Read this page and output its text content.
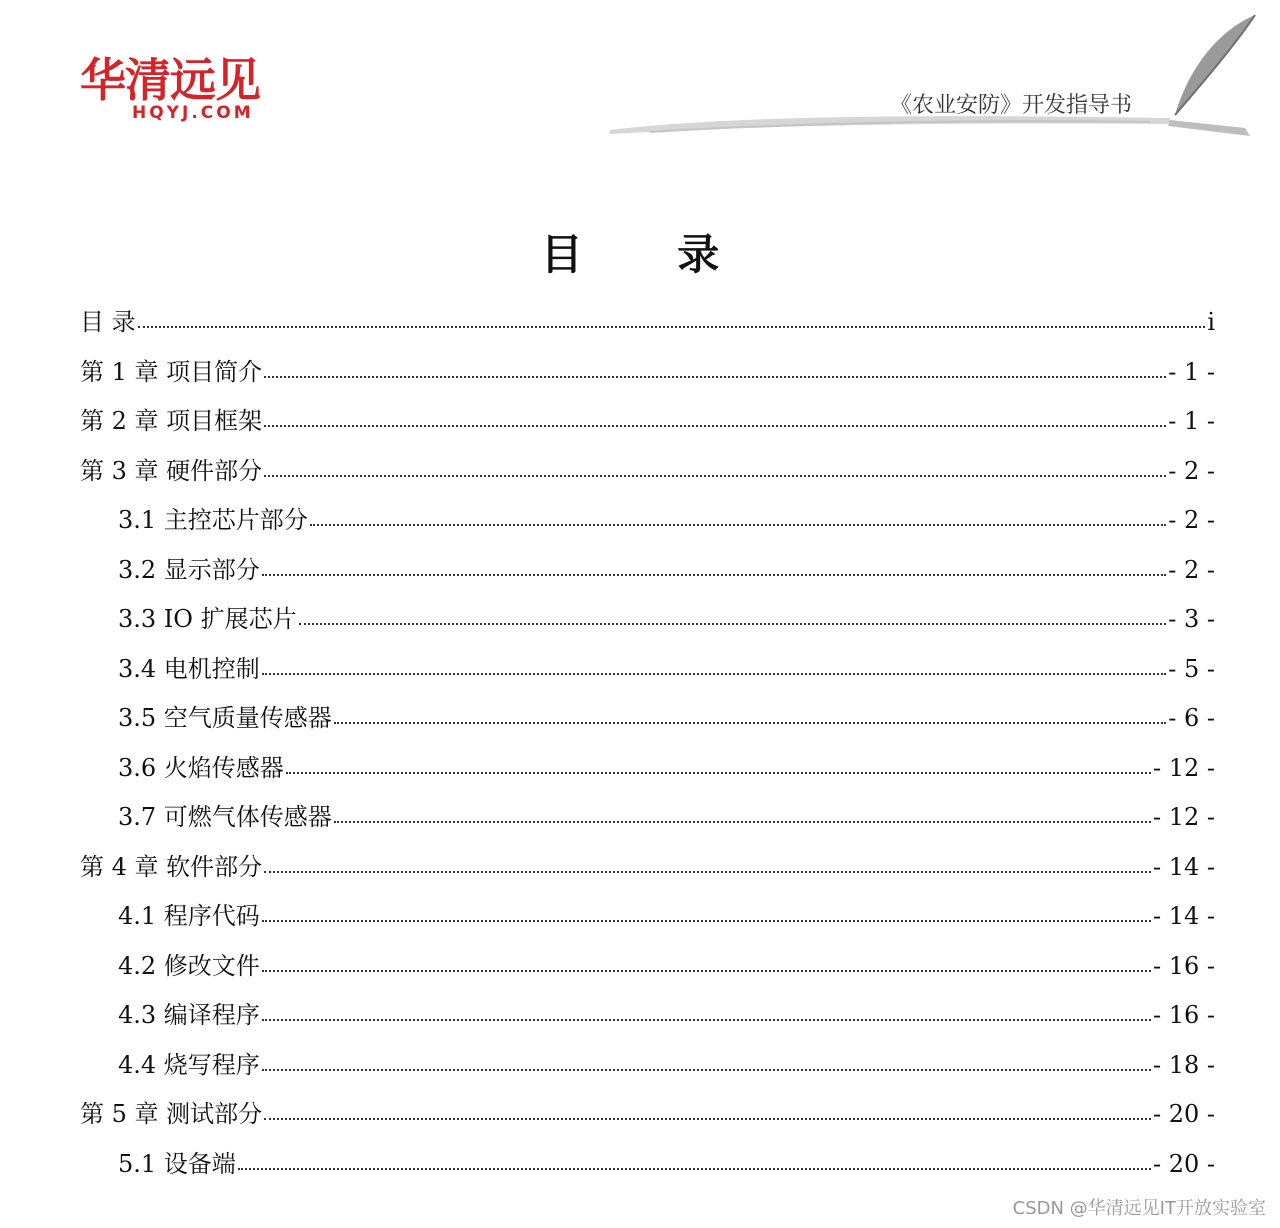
华清远见
HQYJ.COM	《农业安防》开发指导书
目 录
目 录	i
第 1 章 项目简介	- 1 -
第 2 章 项目框架	- 1 -
第 3 章 硬件部分	- 2 -
3.1 主控芯片部分	- 2 -
3.2 显示部分	- 2 -
3.3 IO 扩展芯片	- 3 -
3.4 电机控制	- 5 -
3.5 空气质量传感器	- 6 -
3.6 火焰传感器	- 12 -
3.7 可燃气体传感器	- 12 -
第 4 章 软件部分	- 14 -
4.1 程序代码	- 14 -
4.2 修改文件	- 16 -
4.3 编译程序	- 16 -
4.4 烧写程序	- 18 -
第 5 章 测试部分	- 20 -
5.1 设备端	- 20 -
CSDN @华清远见IT开放实验室
